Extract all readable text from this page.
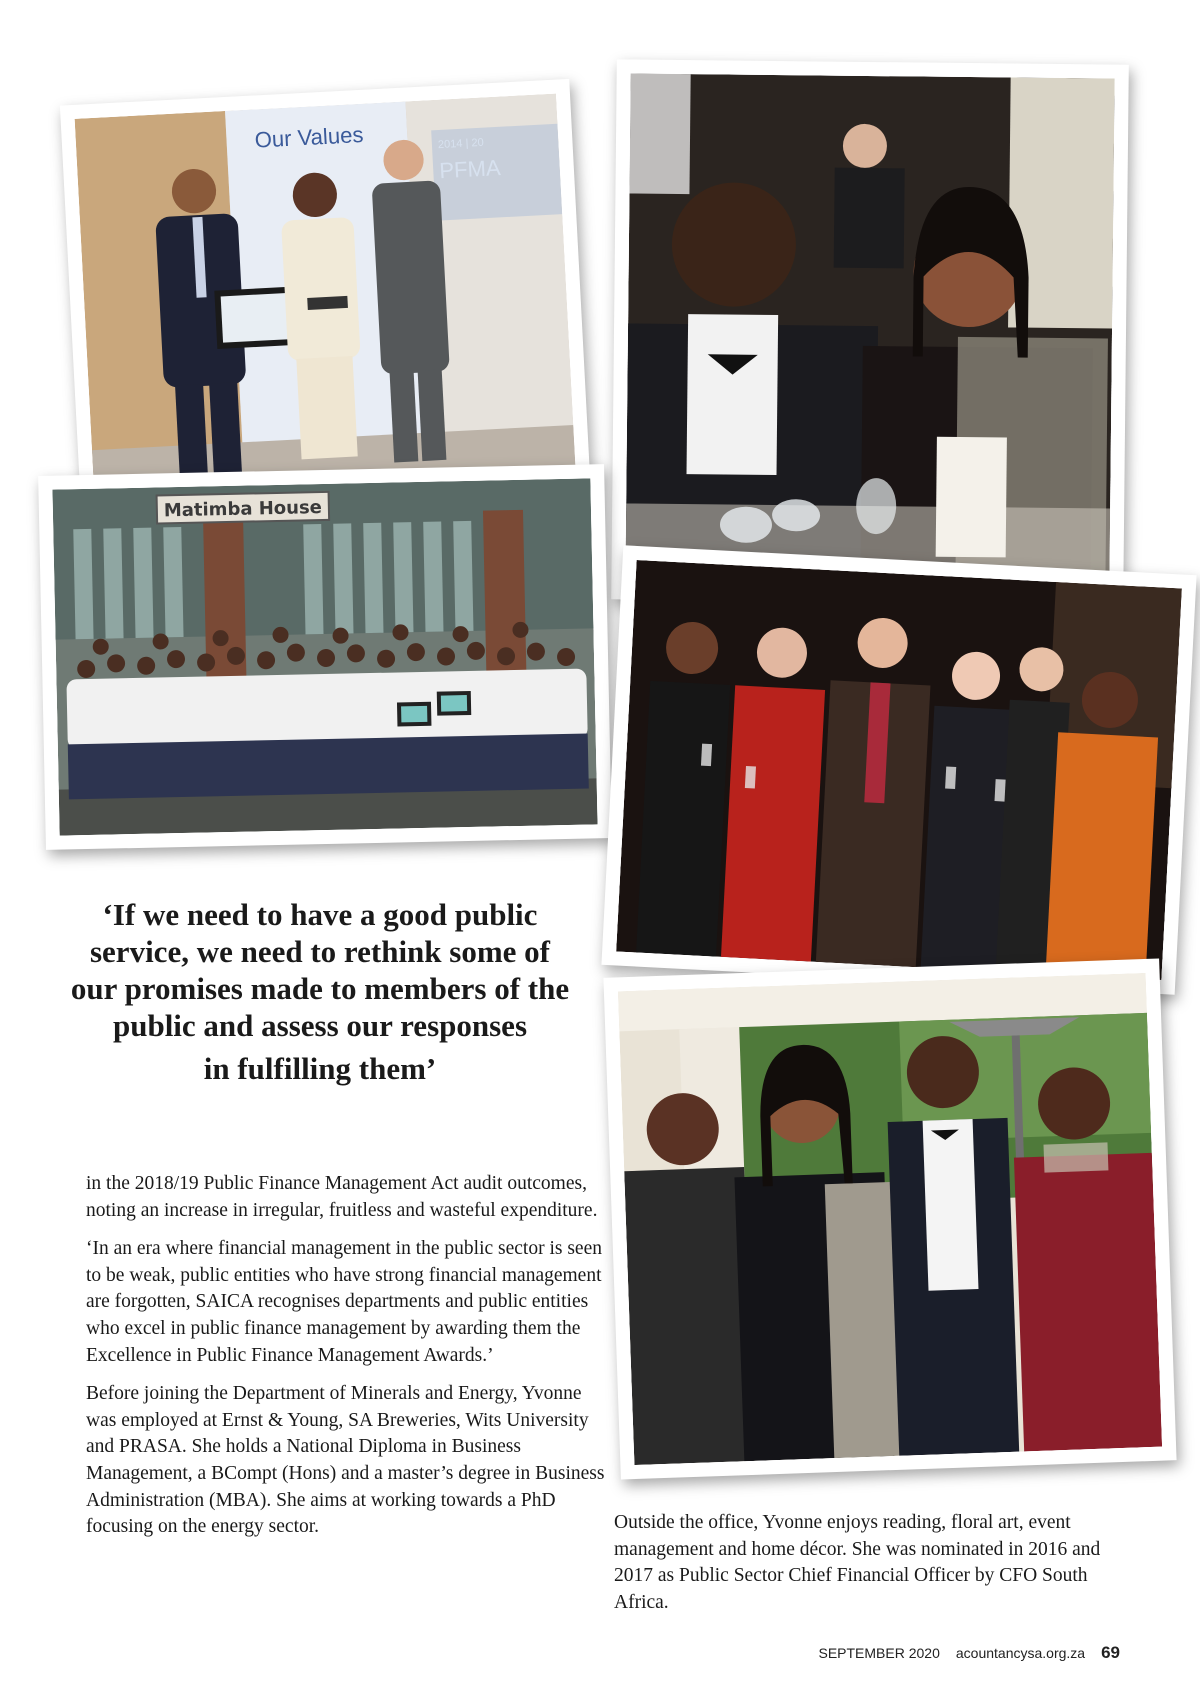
Our Values	2014 | 20
PFMA
Matimba House
‘If we need to have a good public service, we need to rethink some of our promises made to members of the public and assess our responses
in fulfilling them’

in the 2018/19 Public Finance Management Act audit outcomes, noting an increase in irregular, fruitless and wasteful expenditure.

‘In an era where financial management in the public sector is seen to be weak, public entities who have strong financial management are forgotten, SAICA recognises departments and public entities who excel in public finance management by awarding them the Excellence in Public Finance Management Awards.’

Before joining the Department of Minerals and Energy, Yvonne was employed at Ernst & Young, SA Breweries, Wits University and PRASA. She holds a National Diploma in Business Management, a BCompt (Hons) and a master’s degree in Business Administration (MBA). She aims at working towards a PhD focusing on the energy sector.	Outside the office, Yvonne enjoys reading, floral art, event management and home décor. She was nominated in 2016 and 2017 as Public Sector Chief Financial Officer by CFO South Africa.

SEPTEMBER 2020 acountancysa.org.za 69
